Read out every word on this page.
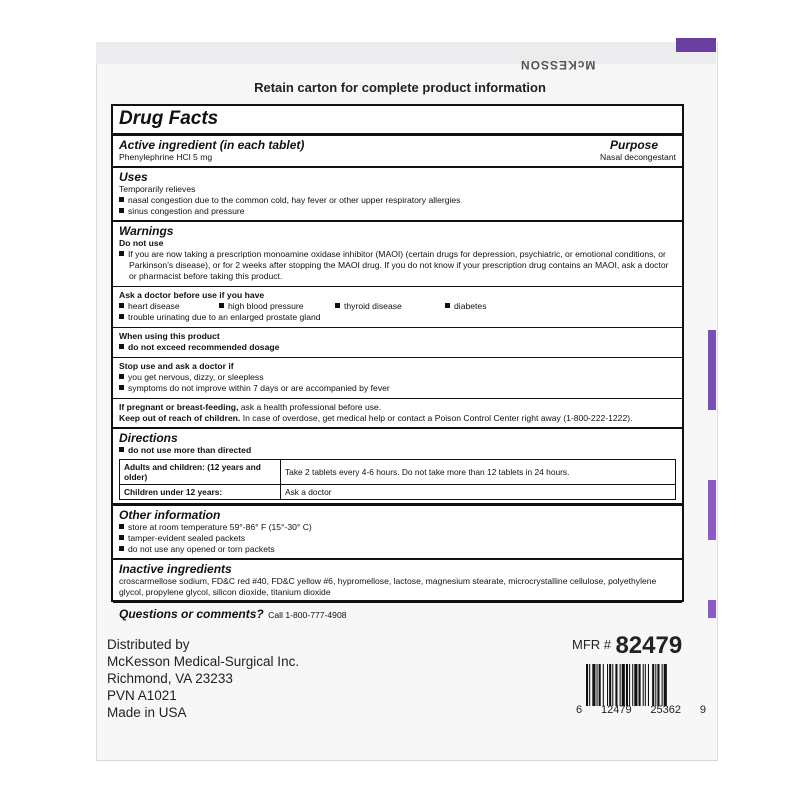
McKESSON
Retain carton for complete product information
Drug Facts
Active ingredient (in each tablet)	Purpose
Phenylephrine HCl 5 mg	Nasal decongestant
Uses
Temporarily relieves
nasal congestion due to the common cold, hay fever or other upper respiratory allergies
sinus congestion and pressure
Warnings
Do not use
If you are now taking a prescription monoamine oxidase inhibitor (MAOI) (certain drugs for depression, psychiatric, or emotional conditions, or Parkinson's disease), or for 2 weeks after stopping the MAOI drug. If you do not know if your prescription drug contains an MAOI, ask a doctor or pharmacist before taking this product.
Ask a doctor before use if you have
heart disease	high blood pressure	thyroid disease	diabetes
trouble urinating due to an enlarged prostate gland
When using this product
do not exceed recommended dosage
Stop use and ask a doctor if
you get nervous, dizzy, or sleepless
symptoms do not improve within 7 days or are accompanied by fever
If pregnant or breast-feeding, ask a health professional before use.
Keep out of reach of children. In case of overdose, get medical help or contact a Poison Control Center right away (1-800-222-1222).
Directions
do not use more than directed
Adults and children: (12 years and older)	Take 2 tablets every 4-6 hours. Do not take more than 12 tablets in 24 hours.
Children under 12 years:	Ask a doctor
Other information
store at room temperature 59°-86° F (15°-30° C)
tamper-evident sealed packets
do not use any opened or torn packets
Inactive ingredients
croscarmellose sodium, FD&C red #40, FD&C yellow #6, hypromellose, lactose, magnesium stearate, microcrystalline cellulose, polyethylene glycol, propylene glycol, silicon dioxide, titanium dioxide
Questions or comments? Call 1-800-777-4908
Distributed by
McKesson Medical-Surgical Inc.
Richmond, VA 23233
PVN A1021
Made in USA
$^{MFR \#}$ 82479
6 12479 25362 9
